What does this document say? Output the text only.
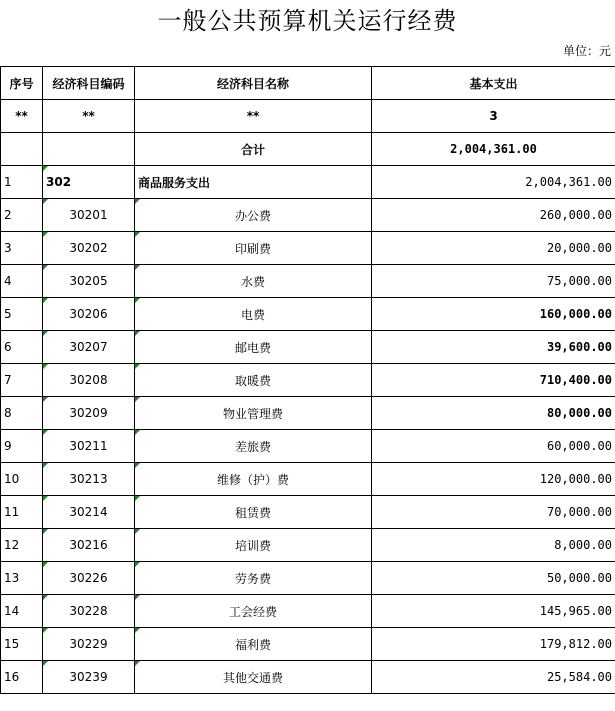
一般公共预算机关运行经费
单位：元
序号	经济科目编码	经济科目名称	基本支出
**	**	**	3
		合计	2,004,361.00
1	302	商品服务支出	2,004,361.00
2	30201	办公费	260,000.00
3	30202	印刷费	20,000.00
4	30205	水费	75,000.00
5	30206	电费	160,000.00
6	30207	邮电费	39,600.00
7	30208	取暖费	710,400.00
8	30209	物业管理费	80,000.00
9	30211	差旅费	60,000.00
10	30213	维修（护）费	120,000.00
11	30214	租赁费	70,000.00
12	30216	培训费	8,000.00
13	30226	劳务费	50,000.00
14	30228	工会经费	145,965.00
15	30229	福利费	179,812.00
16	30239	其他交通费	25,584.00
